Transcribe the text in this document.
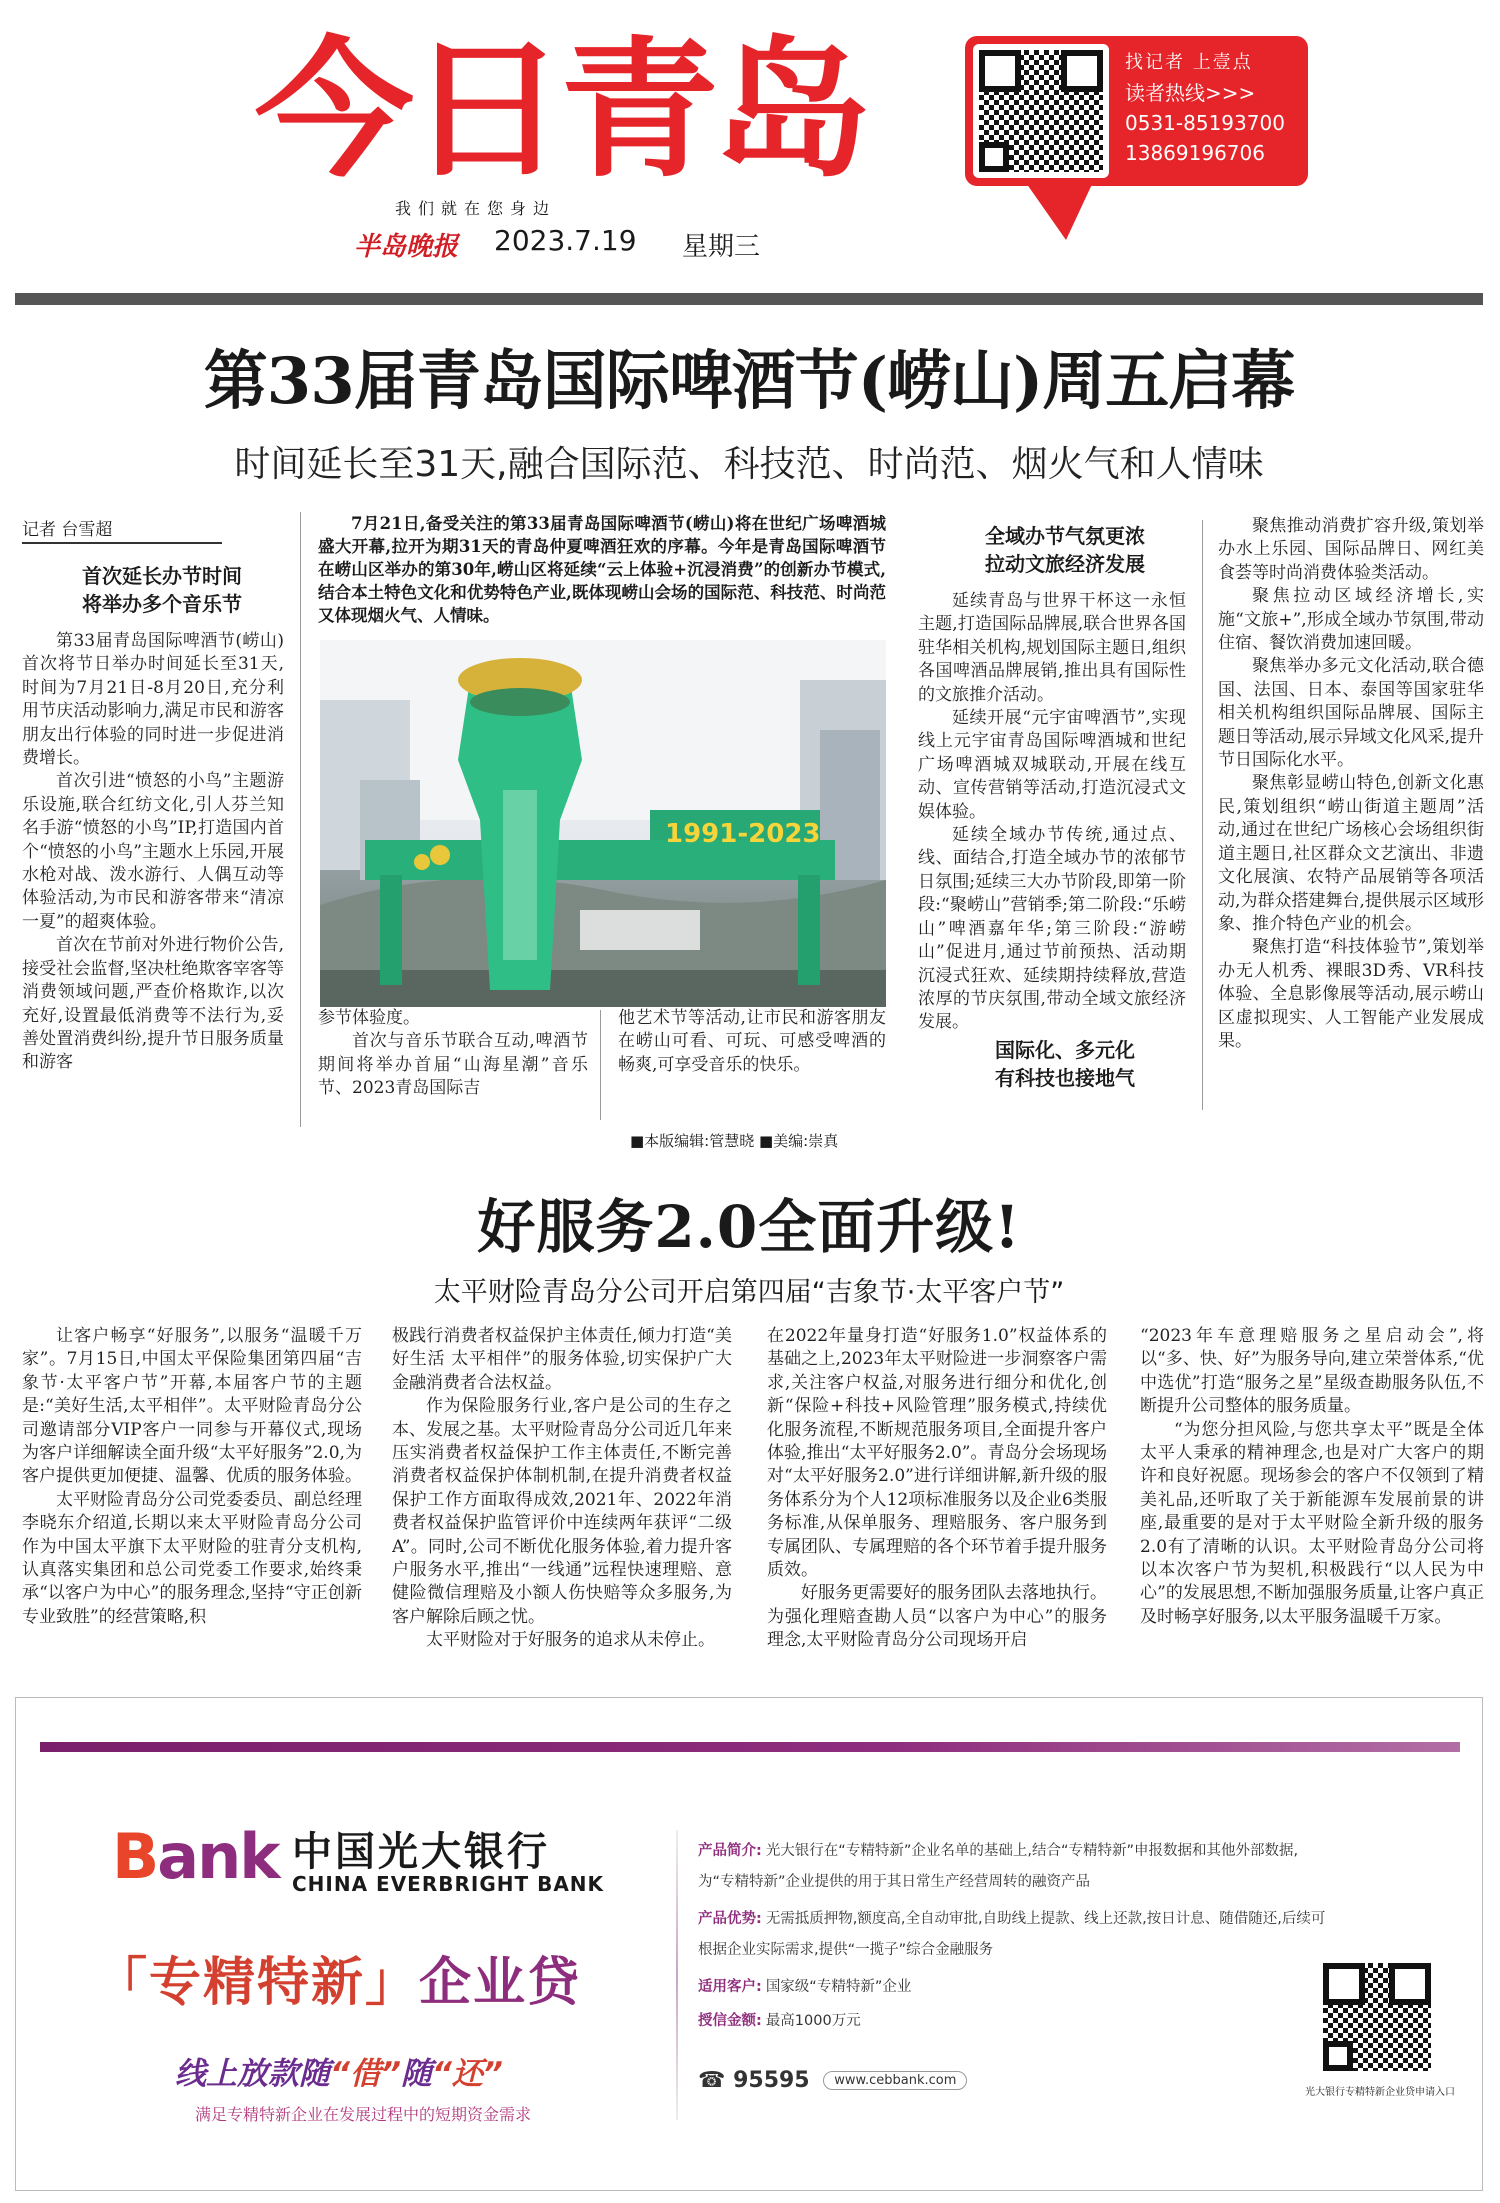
今日青岛
我们就在您身边
半岛晚报 2023.7.19 星期三
找记者 上壹点
读者热线>>>
0531-85193700
13869196706
第33届青岛国际啤酒节(崂山)周五启幕
时间延长至31天,融合国际范、科技范、时尚范、烟火气和人情味
记者 台雪超
首次延长办节时间
将举办多个音乐节

第33届青岛国际啤酒节(崂山)首次将节日举办时间延长至31天,时间为7月21日-8月20日,充分利用节庆活动影响力,满足市民和游客朋友出行体验的同时进一步促进消费增长。

首次引进“愤怒的小鸟”主题游乐设施,联合红纺文化,引人芬兰知名手游“愤怒的小鸟”IP,打造国内首个“愤怒的小鸟”主题水上乐园,开展水枪对战、泼水游行、人偶互动等体验活动,为市民和游客带来“清凉一夏”的超爽体验。

首次在节前对外进行物价公告,接受社会监督,坚决杜绝欺客宰客等消费领域问题,严查价格欺诈,以次充好,设置最低消费等不法行为,妥善处置消费纠纷,提升节日服务质量和游客

7月21日,备受关注的第33届青岛国际啤酒节(崂山)将在世纪广场啤酒城盛大开幕,拉开为期31天的青岛仲夏啤酒狂欢的序幕。今年是青岛国际啤酒节在崂山区举办的第30年,崂山区将延续“云上体验+沉浸消费”的创新办节模式,结合本土特色文化和优势特色产业,既体现崂山会场的国际范、科技范、时尚范又体现烟火气、人情味。
1991-2023

参节体验度。

首次与音乐节联合互动,啤酒节期间将举办首届“山海星潮”音乐节、2023青岛国际吉

他艺术节等活动,让市民和游客朋友在崂山可看、可玩、可感受啤酒的畅爽,可享受音乐的快乐。

全域办节气氛更浓
拉动文旅经济发展

延续青岛与世界干杯这一永恒主题,打造国际品牌展,联合世界各国驻华相关机构,规划国际主题日,组织各国啤酒品牌展销,推出具有国际性的文旅推介活动。

延续开展“元宇宙啤酒节”,实现线上元宇宙青岛国际啤酒城和世纪广场啤酒城双城联动,开展在线互动、宣传营销等活动,打造沉浸式文娱体验。

延续全域办节传统,通过点、线、面结合,打造全域办节的浓郁节日氛围;延续三大办节阶段,即第一阶段:“聚崂山”营销季;第二阶段:“乐崂山”啤酒嘉年华;第三阶段:“游崂山”促进月,通过节前预热、活动期沉浸式狂欢、延续期持续释放,营造浓厚的节庆氛围,带动全域文旅经济发展。

国际化、多元化
有科技也接地气

聚焦推动消费扩容升级,策划举办水上乐园、国际品牌日、网红美食荟等时尚消费体验类活动。

聚焦拉动区域经济增长,实施“文旅+”,形成全域办节氛围,带动住宿、餐饮消费加速回暖。

聚焦举办多元文化活动,联合德国、法国、日本、泰国等国家驻华相关机构组织国际品牌展、国际主题日等活动,展示异域文化风采,提升节日国际化水平。

聚焦彰显崂山特色,创新文化惠民,策划组织“崂山街道主题周”活动,通过在世纪广场核心会场组织街道主题日,社区群众文艺演出、非遗文化展演、农特产品展销等各项活动,为群众搭建舞台,提供展示区域形象、推介特色产业的机会。

聚焦打造“科技体验节”,策划举办无人机秀、裸眼3D秀、VR科技体验、全息影像展等活动,展示崂山区虚拟现实、人工智能产业发展成果。

■本版编辑:管慧晓 ■美编:崇真
好服务2.0全面升级!
太平财险青岛分公司开启第四届“吉象节·太平客户节”

让客户畅享“好服务”,以服务“温暖千万家”。7月15日,中国太平保险集团第四届“吉象节·太平客户节”开幕,本届客户节的主题是:“美好生活,太平相伴”。太平财险青岛分公司邀请部分VIP客户一同参与开幕仪式,现场为客户详细解读全面升级“太平好服务”2.0,为客户提供更加便捷、温馨、优质的服务体验。

太平财险青岛分公司党委委员、副总经理李晓东介绍道,长期以来太平财险青岛分公司作为中国太平旗下太平财险的驻青分支机构,认真落实集团和总公司党委工作要求,始终秉承“以客户为中心”的服务理念,坚持“守正创新 专业致胜”的经营策略,积

极践行消费者权益保护主体责任,倾力打造“美好生活 太平相伴”的服务体验,切实保护广大金融消费者合法权益。

作为保险服务行业,客户是公司的生存之本、发展之基。太平财险青岛分公司近几年来压实消费者权益保护工作主体责任,不断完善消费者权益保护体制机制,在提升消费者权益保护工作方面取得成效,2021年、2022年消费者权益保护监管评价中连续两年获评“二级A”。同时,公司不断优化服务体验,着力提升客户服务水平,推出“一线通”远程快速理赔、意健险微信理赔及小额人伤快赔等众多服务,为客户解除后顾之忧。

太平财险对于好服务的追求从未停止。

在2022年量身打造“好服务1.0”权益体系的基础之上,2023年太平财险进一步洞察客户需求,关注客户权益,对服务进行细分和优化,创新“保险+科技+风险管理”服务模式,持续优化服务流程,不断规范服务项目,全面提升客户体验,推出“太平好服务2.0”。青岛分会场现场对“太平好服务2.0”进行详细讲解,新升级的服务体系分为个人12项标准服务以及企业6类服务标准,从保单服务、理赔服务、客户服务到专属团队、专属理赔的各个环节着手提升服务质效。

好服务更需要好的服务团队去落地执行。为强化理赔查勘人员“以客户为中心”的服务理念,太平财险青岛分公司现场开启

“2023年车意理赔服务之星启动会”,将以“多、快、好”为服务导向,建立荣誉体系,“优中选优”打造“服务之星”星级查勘服务队伍,不断提升公司整体的服务质量。

“为您分担风险,与您共享太平”既是全体太平人秉承的精神理念,也是对广大客户的期许和良好祝愿。现场参会的客户不仅领到了精美礼品,还听取了关于新能源车发展前景的讲座,最重要的是对于太平财险全新升级的服务2.0有了清晰的认识。太平财险青岛分公司将以本次客户节为契机,积极践行“以人民为中心”的发展思想,不断加强服务质量,让客户真正及时畅享好服务,以太平服务温暖千万家。

Bank 中国光大银行
CHINA EVERBRIGHT BANK
「专精特新」企业贷
线上放款随“借”随“还”
满足专精特新企业在发展过程中的短期资金需求
产品简介: 光大银行在“专精特新”企业名单的基础上,结合“专精特新”申报数据和其他外部数据,为“专精特新”企业提供的用于其日常生产经营周转的融资产品
产品优势: 无需抵质押物,额度高,全自动审批,自助线上提款、线上还款,按日计息、随借随还,后续可根据企业实际需求,提供“一揽子”综合金融服务
适用客户: 国家级“专精特新”企业
授信金额: 最高1000万元
☎ 95595 www.cebbank.com
光大银行专精特新企业贷申请入口
